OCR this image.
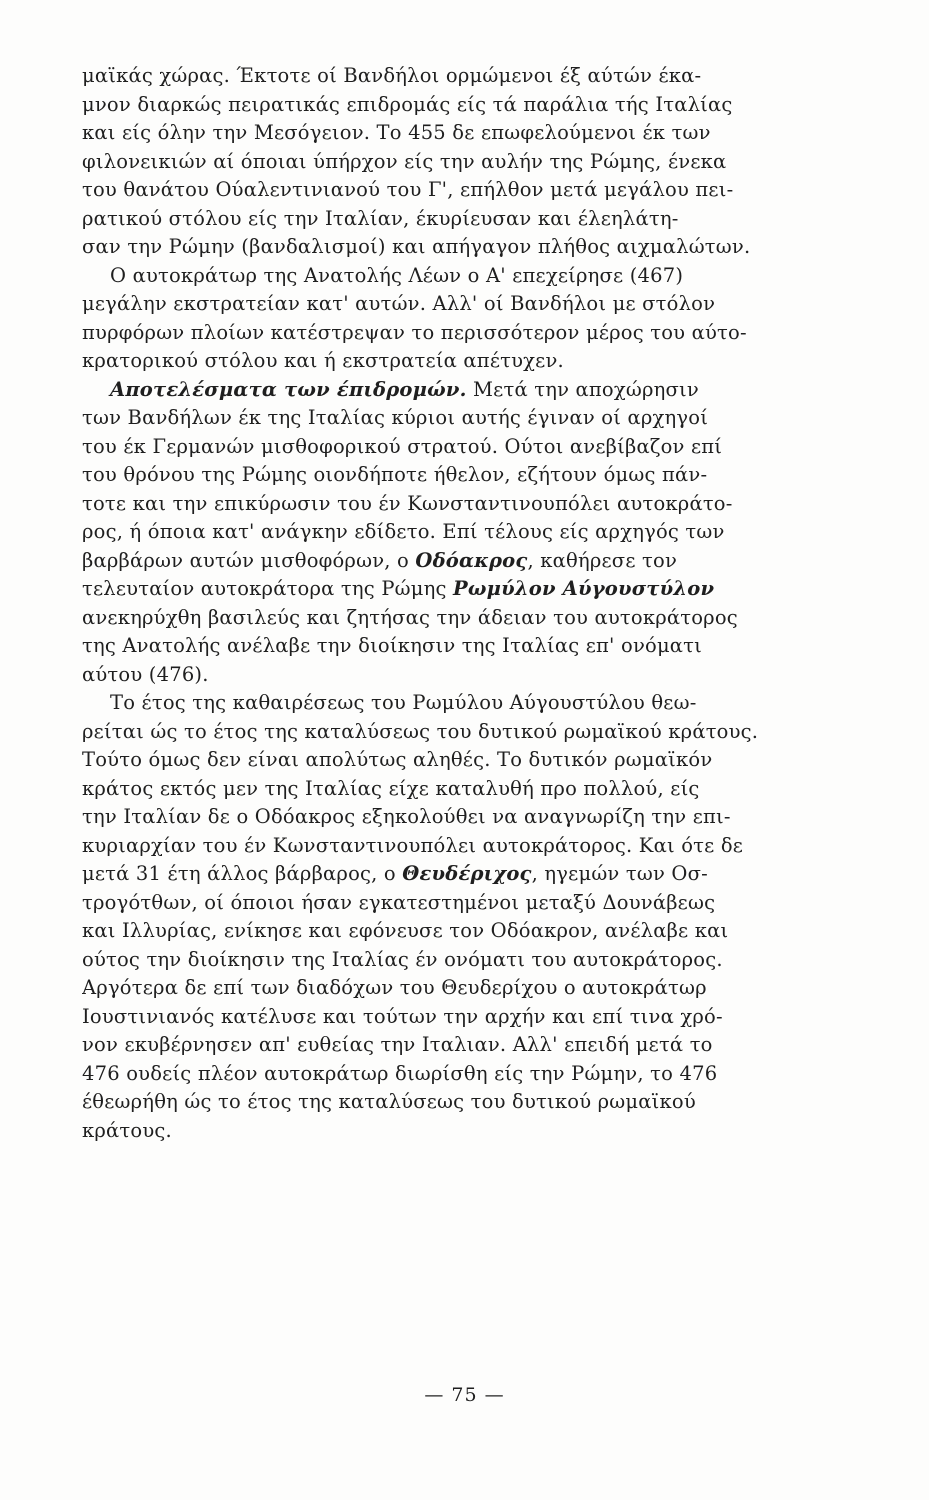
μαϊκάς χώρας. Έκτοτε οί Βανδήλοι ορμώμενοι έξ αύτών έκα-
μνον διαρκώς πειρατικάς επιδρομάς είς τά παράλια τής Ιταλίας
και είς όλην την Μεσόγειον. Το 455 δε επωφελούμενοι έκ των
φιλονεικιών αί όποιαι ύπήρχον είς την αυλήν της Ρώμης, ένεκα
του θανάτου Ούαλεντινιανού του Γ', επήλθον μετά μεγάλου πει-
ρατικού στόλου είς την Ιταλίαν, έκυρίευσαν και έλεηλάτη-
σαν την Ρώμην (βανδαλισμοί) και απήγαγον πλήθος αιχμαλώτων.
Ο αυτοκράτωρ της Ανατολής Λέων ο Α' επεχείρησε (467)
μεγάλην εκστρατείαν κατ' αυτών. Αλλ' οί Βανδήλοι με στόλον
πυρφόρων πλοίων κατέστρεψαν το περισσότερον μέρος του αύτο-
κρατορικού στόλου και ή εκστρατεία απέτυχεν.
Αποτελέσματα των έπιδρομών. Μετά την αποχώρησιν
των Βανδήλων έκ της Ιταλίας κύριοι αυτής έγιναν οί αρχηγοί
του έκ Γερμανών μισθοφορικού στρατού. Ούτοι ανεβίβαζον επί
του θρόνου της Ρώμης οιονδήποτε ήθελον, εζήτουν όμως πάν-
τοτε και την επικύρωσιν του έν Κωνσταντινουπόλει αυτοκράτο-
ρος, ή όποια κατ' ανάγκην εδίδετο. Επί τέλους είς αρχηγός των
βαρβάρων αυτών μισθοφόρων, ο Οδόακρος, καθήρεσε τον
τελευταίον αυτοκράτορα της Ρώμης Ρωμύλον Αύγουστύλον
ανεκηρύχθη βασιλεύς και ζητήσας την άδειαν του αυτοκράτορος
της Ανατολής ανέλαβε την διοίκησιν της Ιταλίας επ' ονόματι
αύτου (476).
Το έτος της καθαιρέσεως του Ρωμύλου Αύγουστύλου θεω-
ρείται ώς το έτος της καταλύσεως του δυτικού ρωμαϊκού κράτους.
Τούτο όμως δεν είναι απολύτως αληθές. Το δυτικόν ρωμαϊκόν
κράτος εκτός μεν της Ιταλίας είχε καταλυθή προ πολλού, είς
την Ιταλίαν δε ο Οδόακρος εξηκολούθει να αναγνωρίζη την επι-
κυριαρχίαν του έν Κωνσταντινουπόλει αυτοκράτορος. Και ότε δε
μετά 31 έτη άλλος βάρβαρος, ο Θευδέριχος, ηγεμών των Οσ-
τρογότθων, οί όποιοι ήσαν εγκατεστημένοι μεταξύ Δουνάβεως
και Ιλλυρίας, ενίκησε και εφόνευσε τον Οδόακρον, ανέλαβε και
ούτος την διοίκησιν της Ιταλίας έν ονόματι του αυτοκράτορος.
Αργότερα δε επί των διαδόχων του Θευδερίχου ο αυτοκράτωρ
Ιουστινιανός κατέλυσε και τούτων την αρχήν και επί τινα χρό-
νον εκυβέρνησεν απ' ευθείας την Ιταλιαν. Αλλ' επειδή μετά το
476 ουδείς πλέον αυτοκράτωρ διωρίσθη είς την Ρώμην, το 476
έθεωρήθη ώς το έτος της καταλύσεως του δυτικού ρωμαϊκού
κράτους.
— 75 —
